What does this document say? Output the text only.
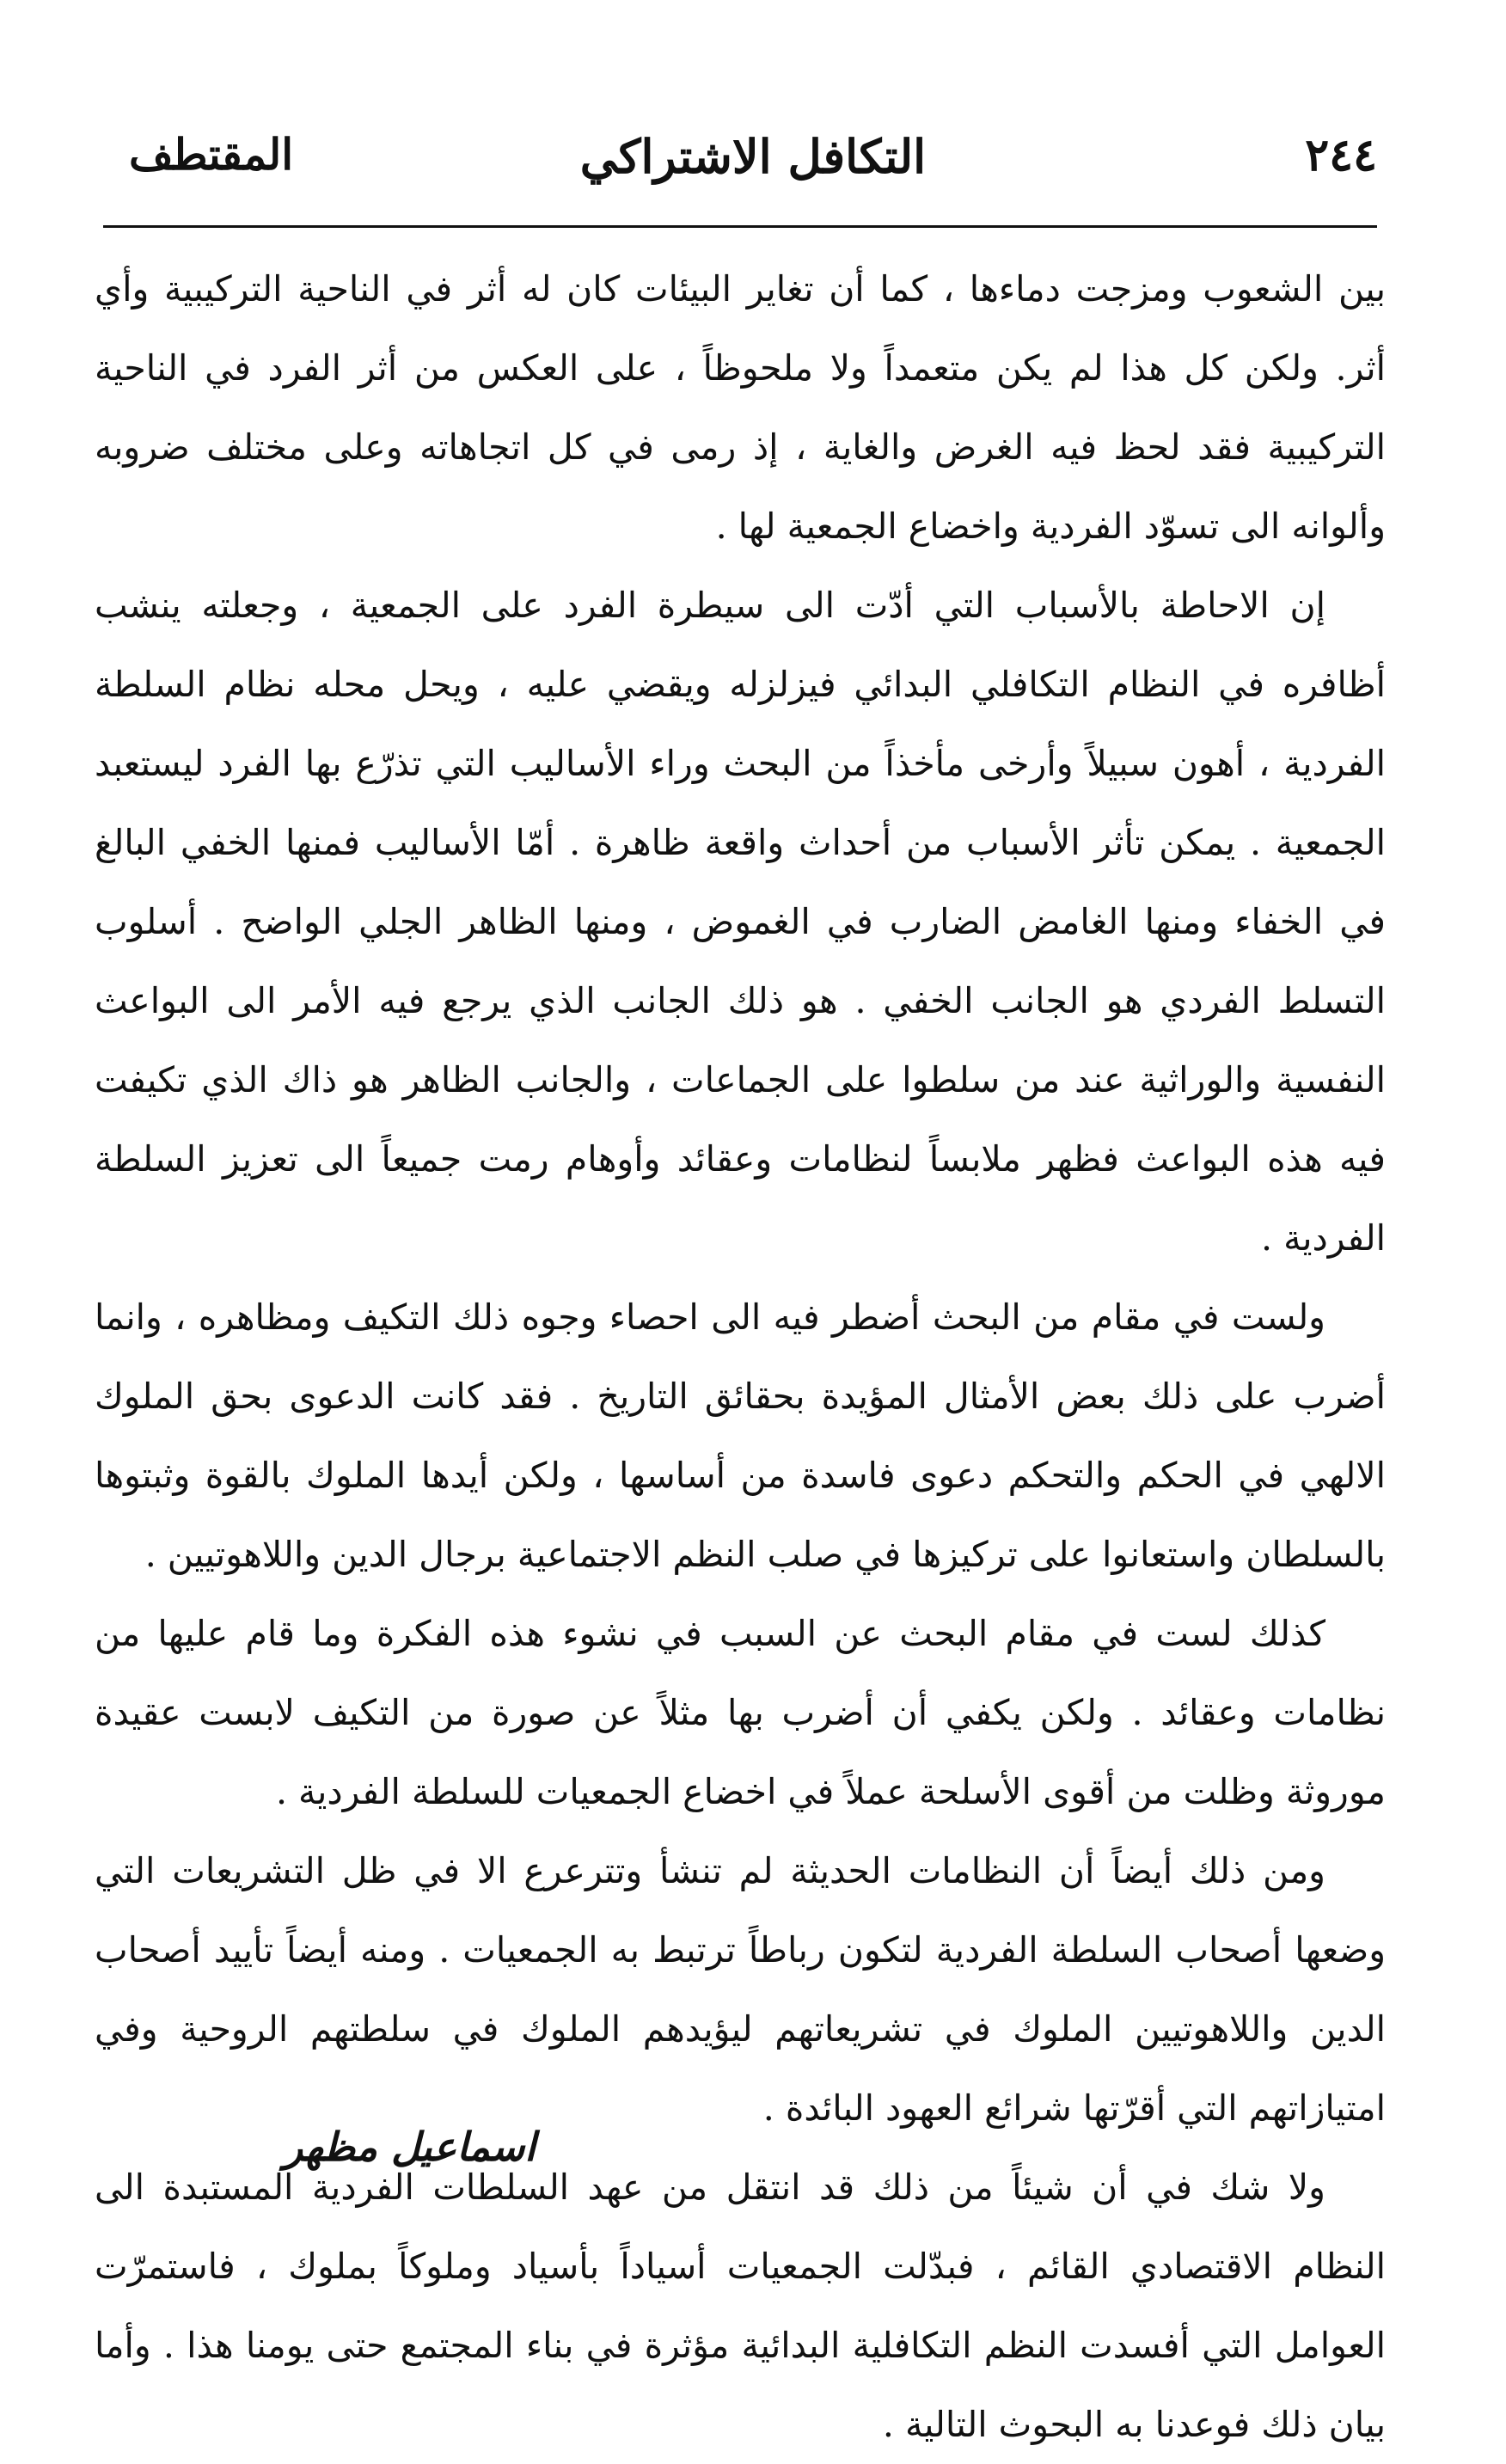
٢٤٤
التكافل الاشتراكي
المقتطف

بين الشعوب ومزجت دماءها ، كما أن تغاير البيئات كان له أثر في الناحية التركيبية وأي أثر. ولكن كل هذا لم يكن متعمداً ولا ملحوظاً ، على العكس من أثر الفرد في الناحية التركيبية فقد لحظ فيه الغرض والغاية ، إذ رمى في كل اتجاهاته وعلى مختلف ضروبه وألوانه الى تسوّد الفردية واخضاع الجمعية لها .

إن الاحاطة بالأسباب التي أدّت الى سيطرة الفرد على الجمعية ، وجعلته ينشب أظافره في النظام التكافلي البدائي فيزلزله ويقضي عليه ، ويحل محله نظام السلطة الفردية ، أهون سبيلاً وأرخى مأخذاً من البحث وراء الأساليب التي تذرّع بها الفرد ليستعبد الجمعية . يمكن تأثر الأسباب من أحداث واقعة ظاهرة . أمّا الأساليب فمنها الخفي البالغ في الخفاء ومنها الغامض الضارب في الغموض ، ومنها الظاهر الجلي الواضح . أسلوب التسلط الفردي هو الجانب الخفي . هو ذلك الجانب الذي يرجع فيه الأمر الى البواعث النفسية والوراثية عند من سلطوا على الجماعات ، والجانب الظاهر هو ذاك الذي تكيفت فيه هذه البواعث فظهر ملابساً لنظامات وعقائد وأوهام رمت جميعاً الى تعزيز السلطة الفردية .

ولست في مقام من البحث أضطر فيه الى احصاء وجوه ذلك التكيف ومظاهره ، وانما أضرب على ذلك بعض الأمثال المؤيدة بحقائق التاريخ . فقد كانت الدعوى بحق الملوك الالهي في الحكم والتحكم دعوى فاسدة من أساسها ، ولكن أيدها الملوك بالقوة وثبتوها بالسلطان واستعانوا على تركيزها في صلب النظم الاجتماعية برجال الدين واللاهوتيين .

كذلك لست في مقام البحث عن السبب في نشوء هذه الفكرة وما قام عليها من نظامات وعقائد . ولكن يكفي أن أضرب بها مثلاً عن صورة من التكيف لابست عقيدة موروثة وظلت من أقوى الأسلحة عملاً في اخضاع الجمعيات للسلطة الفردية .

ومن ذلك أيضاً أن النظامات الحديثة لم تنشأ وتترعرع الا في ظل التشريعات التي وضعها أصحاب السلطة الفردية لتكون رباطاً ترتبط به الجمعيات . ومنه أيضاً تأييد أصحاب الدين واللاهوتيين الملوك في تشريعاتهم ليؤيدهم الملوك في سلطتهم الروحية وفي امتيازاتهم التي أقرّتها شرائع العهود البائدة .

ولا شك في أن شيئاً من ذلك قد انتقل من عهد السلطات الفردية المستبدة الى النظام الاقتصادي القائم ، فبدّلت الجمعيات أسياداً بأسياد وملوكاً بملوك ، فاستمرّت العوامل التي أفسدت النظم التكافلية البدائية مؤثرة في بناء المجتمع حتى يومنا هذا . وأما بيان ذلك فوعدنا به البحوث التالية .

اسماعيل مظهر
